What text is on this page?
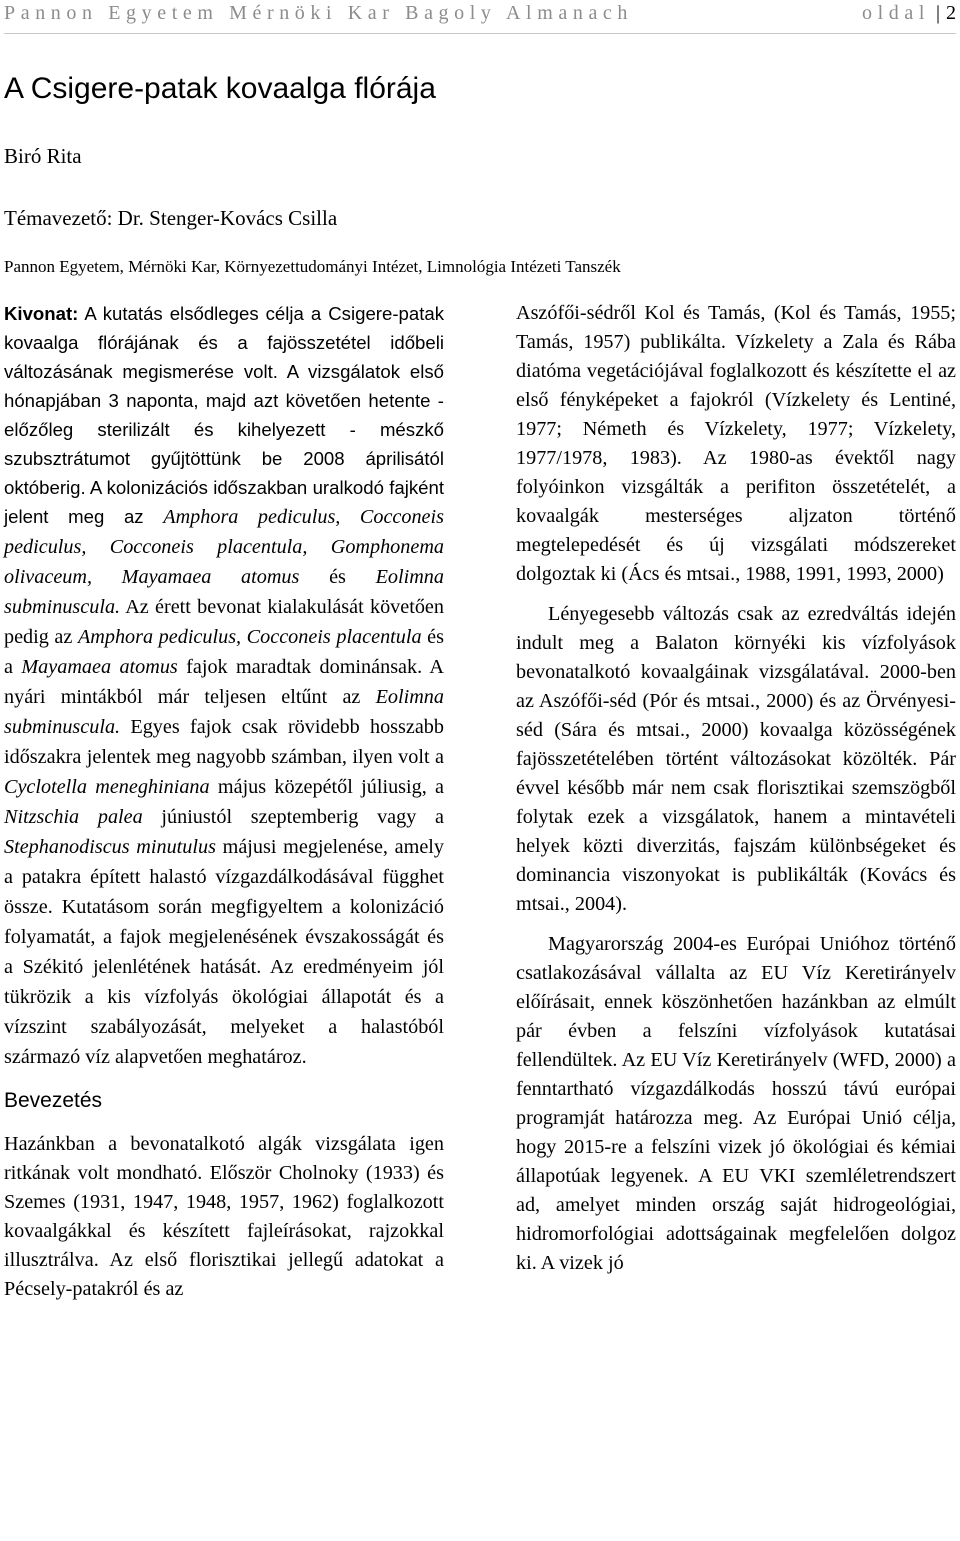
Pannon Egyetem Mérnöki Kar Bagoly Almanach	oldal | 2
A Csigere-patak kovaalga flórája
Biró Rita
Témavezető: Dr. Stenger-Kovács Csilla
Pannon Egyetem, Mérnöki Kar, Környezettudományi Intézet, Limnológia Intézeti Tanszék

Kivonat: A kutatás elsődleges célja a Csigere-patak kovaalga flórájának és a fajösszetétel időbeli változásának megismerése volt. A vizsgálatok első hónapjában 3 naponta, majd azt követően hetente - előzőleg sterilizált és kihelyezett - mészkő szubsztrátumot gyűjtöttünk be 2008 áprilisától októberig. A kolonizációs időszakban uralkodó fajként jelent meg az Amphora pediculus, Cocconeis pediculus, Cocconeis placentula, Gomphonema olivaceum, Mayamaea atomus és Eolimna subminuscula. Az érett bevonat kialakulását követően pedig az Amphora pediculus, Cocconeis placentula és a Mayamaea atomus fajok maradtak dominánsak. A nyári mintákból már teljesen eltűnt az Eolimna subminuscula. Egyes fajok csak rövidebb hosszabb időszakra jelentek meg nagyobb számban, ilyen volt a Cyclotella meneghiniana május közepétől júliusig, a Nitzschia palea júniustól szeptemberig vagy a Stephanodiscus minutulus májusi megjelenése, amely a patakra épített halastó vízgazdálkodásával függhet össze. Kutatásom során megfigyeltem a kolonizáció folyamatát, a fajok megjelenésének évszakosságát és a Székitó jelenlétének hatását. Az eredményeim jól tükrözik a kis vízfolyás ökológiai állapotát és a vízszint szabályozását, melyeket a halastóból származó víz alapvetően meghatároz.

Bevezetés

Hazánkban a bevonatalkotó algák vizsgálata igen ritkának volt mondható. Először Cholnoky (1933) és Szemes (1931, 1947, 1948, 1957, 1962) foglalkozott kovaalgákkal és készített fajleírásokat, rajzokkal illusztrálva. Az első florisztikai jellegű adatokat a Pécsely-patakról és az

Aszófői-sédről Kol és Tamás, (Kol és Tamás, 1955; Tamás, 1957) publikálta. Vízkelety a Zala és Rába diatóma vegetációjával foglalkozott és készítette el az első fényképeket a fajokról (Vízkelety és Lentiné, 1977; Németh és Vízkelety, 1977; Vízkelety, 1977/1978, 1983). Az 1980-as évektől nagy folyóinkon vizsgálták a perifiton összetételét, a kovaalgák mesterséges aljzaton történő megtelepedését és új vizsgálati módszereket dolgoztak ki (Ács és mtsai., 1988, 1991, 1993, 2000)

Lényegesebb változás csak az ezredváltás idején indult meg a Balaton környéki kis vízfolyások bevonatalkotó kovaalgáinak vizsgálatával. 2000-ben az Aszófői-séd (Pór és mtsai., 2000) és az Örvényesi-séd (Sára és mtsai., 2000) kovaalga közösségének fajösszetételében történt változásokat közölték. Pár évvel később már nem csak florisztikai szemszögből folytak ezek a vizsgálatok, hanem a mintavételi helyek közti diverzitás, fajszám különbségeket és dominancia viszonyokat is publikálták (Kovács és mtsai., 2004).

Magyarország 2004-es Európai Unióhoz történő csatlakozásával vállalta az EU Víz Keretirányelv előírásait, ennek köszönhetően hazánkban az elmúlt pár évben a felszíni vízfolyások kutatásai fellendültek. Az EU Víz Keretirányelv (WFD, 2000) a fenntartható vízgazdálkodás hosszú távú európai programját határozza meg. Az Európai Unió célja, hogy 2015-re a felszíni vizek jó ökológiai és kémiai állapotúak legyenek. A EU VKI szemléletrendszert ad, amelyet minden ország saját hidrogeológiai, hidromorfológiai adottságainak megfelelően dolgoz ki. A vizek jó
